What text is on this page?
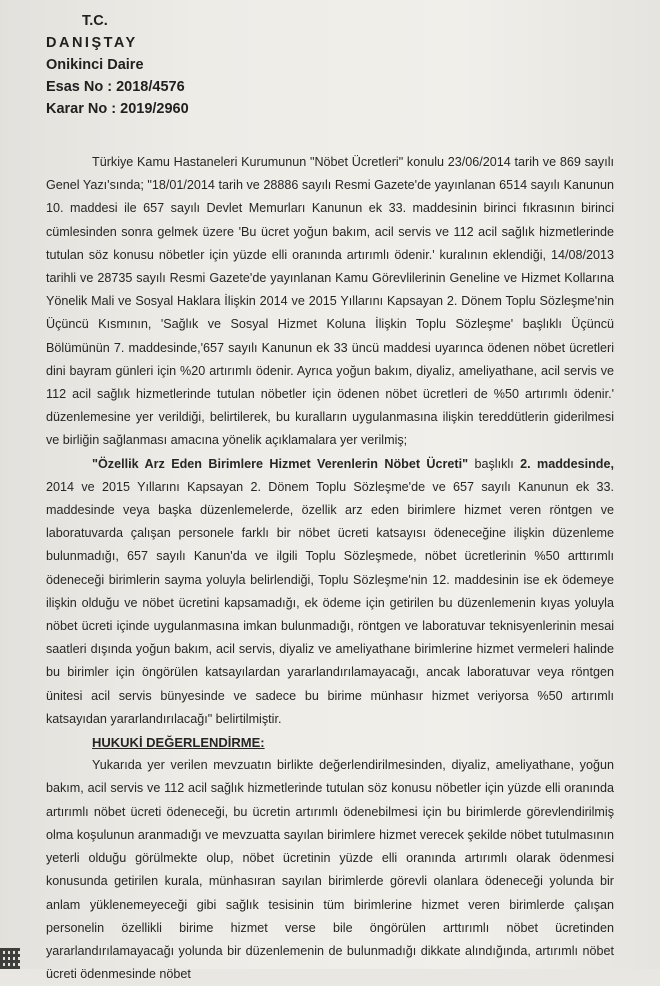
T.C.
DANIŞTAY
Onikinci Daire
Esas No : 2018/4576
Karar No : 2019/2960

Türkiye Kamu Hastaneleri Kurumunun "Nöbet Ücretleri" konulu 23/06/2014 tarih ve 869 sayılı Genel Yazı'sında; "18/01/2014 tarih ve 28886 sayılı Resmi Gazete'de yayınlanan 6514 sayılı Kanunun 10. maddesi ile 657 sayılı Devlet Memurları Kanunun ek 33. maddesinin birinci fıkrasının birinci cümlesinden sonra gelmek üzere 'Bu ücret yoğun bakım, acil servis ve 112 acil sağlık hizmetlerinde tutulan söz konusu nöbetler için yüzde elli oranında artırımlı ödenir.' kuralının eklendiği, 14/08/2013 tarihli ve 28735 sayılı Resmi Gazete'de yayınlanan Kamu Görevlilerinin Geneline ve Hizmet Kollarına Yönelik Mali ve Sosyal Haklara İlişkin 2014 ve 2015 Yıllarını Kapsayan 2. Dönem Toplu Sözleşme'nin Üçüncü Kısmının, 'Sağlık ve Sosyal Hizmet Koluna İlişkin Toplu Sözleşme' başlıklı Üçüncü Bölümünün 7. maddesinde,'657 sayılı Kanunun ek 33 üncü maddesi uyarınca ödenen nöbet ücretleri dini bayram günleri için %20 artırımlı ödenir. Ayrıca yoğun bakım, diyaliz, ameliyathane, acil servis ve 112 acil sağlık hizmetlerinde tutulan nöbetler için ödenen nöbet ücretleri de %50 artırımlı ödenir.' düzenlemesine yer verildiği, belirtilerek, bu kuralların uygulanmasına ilişkin tereddütlerin giderilmesi ve birliğin sağlanması amacına yönelik açıklamalara yer verilmiş;

"Özellik Arz Eden Birimlere Hizmet Verenlerin Nöbet Ücreti" başlıklı 2. maddesinde, 2014 ve 2015 Yıllarını Kapsayan 2. Dönem Toplu Sözleşme'de ve 657 sayılı Kanunun ek 33. maddesinde veya başka düzenlemelerde, özellik arz eden birimlere hizmet veren röntgen ve laboratuvarda çalışan personele farklı bir nöbet ücreti katsayısı ödeneceğine ilişkin düzenleme bulunmadığı, 657 sayılı Kanun'da ve ilgili Toplu Sözleşmede, nöbet ücretlerinin %50 arttırımlı ödeneceği birimlerin sayma yoluyla belirlendiği, Toplu Sözleşme'nin 12. maddesinin ise ek ödemeye ilişkin olduğu ve nöbet ücretini kapsamadığı, ek ödeme için getirilen bu düzenlemenin kıyas yoluyla nöbet ücreti içinde uygulanmasına imkan bulunmadığı, röntgen ve laboratuvar teknisyenlerinin mesai saatleri dışında yoğun bakım, acil servis, diyaliz ve ameliyathane birimlerine hizmet vermeleri halinde bu birimler için öngörülen katsayılardan yararlandırılamayacağı, ancak laboratuvar veya röntgen ünitesi acil servis bünyesinde ve sadece bu birime münhasır hizmet veriyorsa %50 artırımlı katsayıdan yararlandırılacağı" belirtilmiştir.

HUKUKİ DEĞERLENDİRME:

Yukarıda yer verilen mevzuatın birlikte değerlendirilmesinden, diyaliz, ameliyathane, yoğun bakım, acil servis ve 112 acil sağlık hizmetlerinde tutulan söz konusu nöbetler için yüzde elli oranında artırımlı nöbet ücreti ödeneceği, bu ücretin artırımlı ödenebilmesi için bu birimlerde görevlendirilmiş olma koşulunun aranmadığı ve mevzuatta sayılan birimlere hizmet verecek şekilde nöbet tutulmasının yeterli olduğu görülmekte olup, nöbet ücretinin yüzde elli oranında artırımlı olarak ödenmesi konusunda getirilen kurala, münhasıran sayılan birimlerde görevli olanlara ödeneceği yolunda bir anlam yüklenemeyeceği gibi sağlık tesisinin tüm birimlerine hizmet veren birimlerde çalışan personelin özellikli birime hizmet verse bile öngörülen arttırımlı nöbet ücretinden yararlandırılamayacağı yolunda bir düzenlemenin de bulunmadığı dikkate alındığında, artırımlı nöbet ücreti ödenmesinde nöbet
